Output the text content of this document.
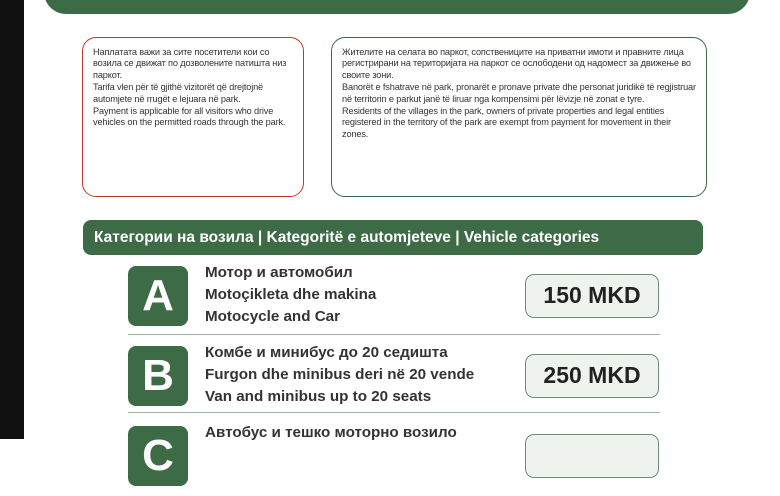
Наплатата важи за сите посетители кои со возила се движат по дозволените патишта низ паркот.

Tarifa vlen për të gjithë vizitorët që drejtojnë automjete në rrugët e lejuara në park.

Payment is applicable for all visitors who drive vehicles on the permitted roads through the park.

Жителите на селата во паркот, сопствениците на приватни имоти и правните лица регистрирани на територијата на паркот се ослободени од надомест за движење во своите зони.

Banorët e fshatrave në park, pronarët e pronave private dhe personat juridikë të regjistruar në territorin e parkut janë të liruar nga kompensimi për lëvizje në zonat e tyre.

Residents of the villages in the park, owners of private properties and legal entities registered in the territory of the park are exempt from payment for movement in their zones.

Категории на возила | Kategoritë e automjeteve | Vehicle categories
A	Мотор и автомобил
Motoçikleta dhe makina
Motocycle and Car
150 MKD
B	Комбе и минибус до 20 седишта
Furgon dhe minibus deri në 20 vende
Van and minibus up to 20 seats
250 MKD
C	Автобус и тешко моторно возило
